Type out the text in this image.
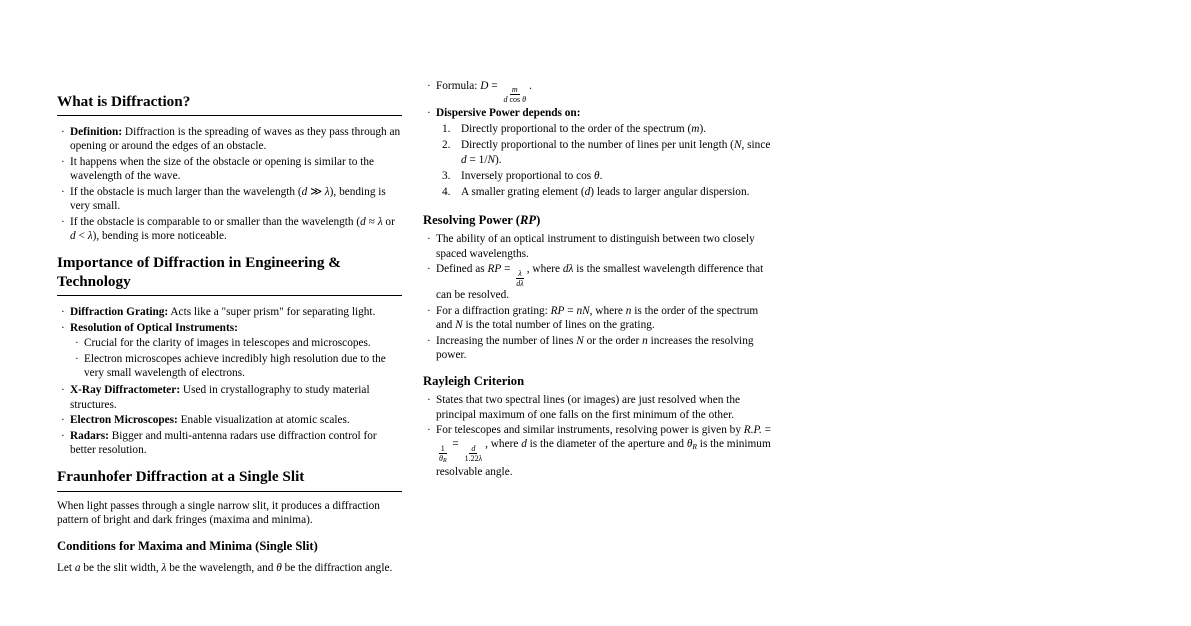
What is Diffraction?
· Definition: Diffraction is the spreading of waves as they pass through an opening or around the edges of an obstacle.
· It happens when the size of the obstacle or opening is similar to the wavelength of the wave.
· If the obstacle is much larger than the wavelength (d ≫ λ), bending is very small.
· If the obstacle is comparable to or smaller than the wavelength (d ≈ λ or d < λ), bending is more noticeable.
Importance of Diffraction in Engineering & Technology
· Diffraction Grating: Acts like a "super prism" for separating light.
· Resolution of Optical Instruments:
· Crucial for the clarity of images in telescopes and microscopes.
· Electron microscopes achieve incredibly high resolution due to the very small wavelength of electrons.
· X-Ray Diffractometer: Used in crystallography to study material structures.
· Electron Microscopes: Enable visualization at atomic scales.
· Radars: Bigger and multi-antenna radars use diffraction control for better resolution.
Fraunhofer Diffraction at a Single Slit
When light passes through a single narrow slit, it produces a diffraction pattern of bright and dark fringes (maxima and minima).
Conditions for Maxima and Minima (Single Slit)
Let a be the slit width, λ be the wavelength, and θ be the diffraction angle.
· Formula: $D = \frac{m}{\text{d cos θ}}$ .
· Dispersive Power depends on:
1. Directly proportional to the order of the spectrum (m).
2. Directly proportional to the number of lines per unit length (N, since d = 1/N).
3. Inversely proportional to cos θ.
4. A smaller grating element (d) leads to larger angular dispersion.
Resolving Power (RP)
· The ability of an optical instrument to distinguish between two closely spaced wavelengths.
· Defined as RP = $\frac{\lambda}{d\lambda}$ , where dλ is the smallest wavelength difference that can be resolved.
· For a diffraction grating: RP = nN, where n is the order of the spectrum and N is the total number of lines on the grating.
· Increasing the number of lines N or the order n increases the resolving power.
Rayleigh Criterion
· States that two spectral lines (or images) are just resolved when the principal maximum of one falls on the first minimum of the other.
· For telescopes and similar instruments, resolving power is given by R.P. =
$\frac{1}{\theta R} = \frac{d}{1.22\lambda}$ , where d is the diameter of the aperture and θR is the minimum resolvable angle.
